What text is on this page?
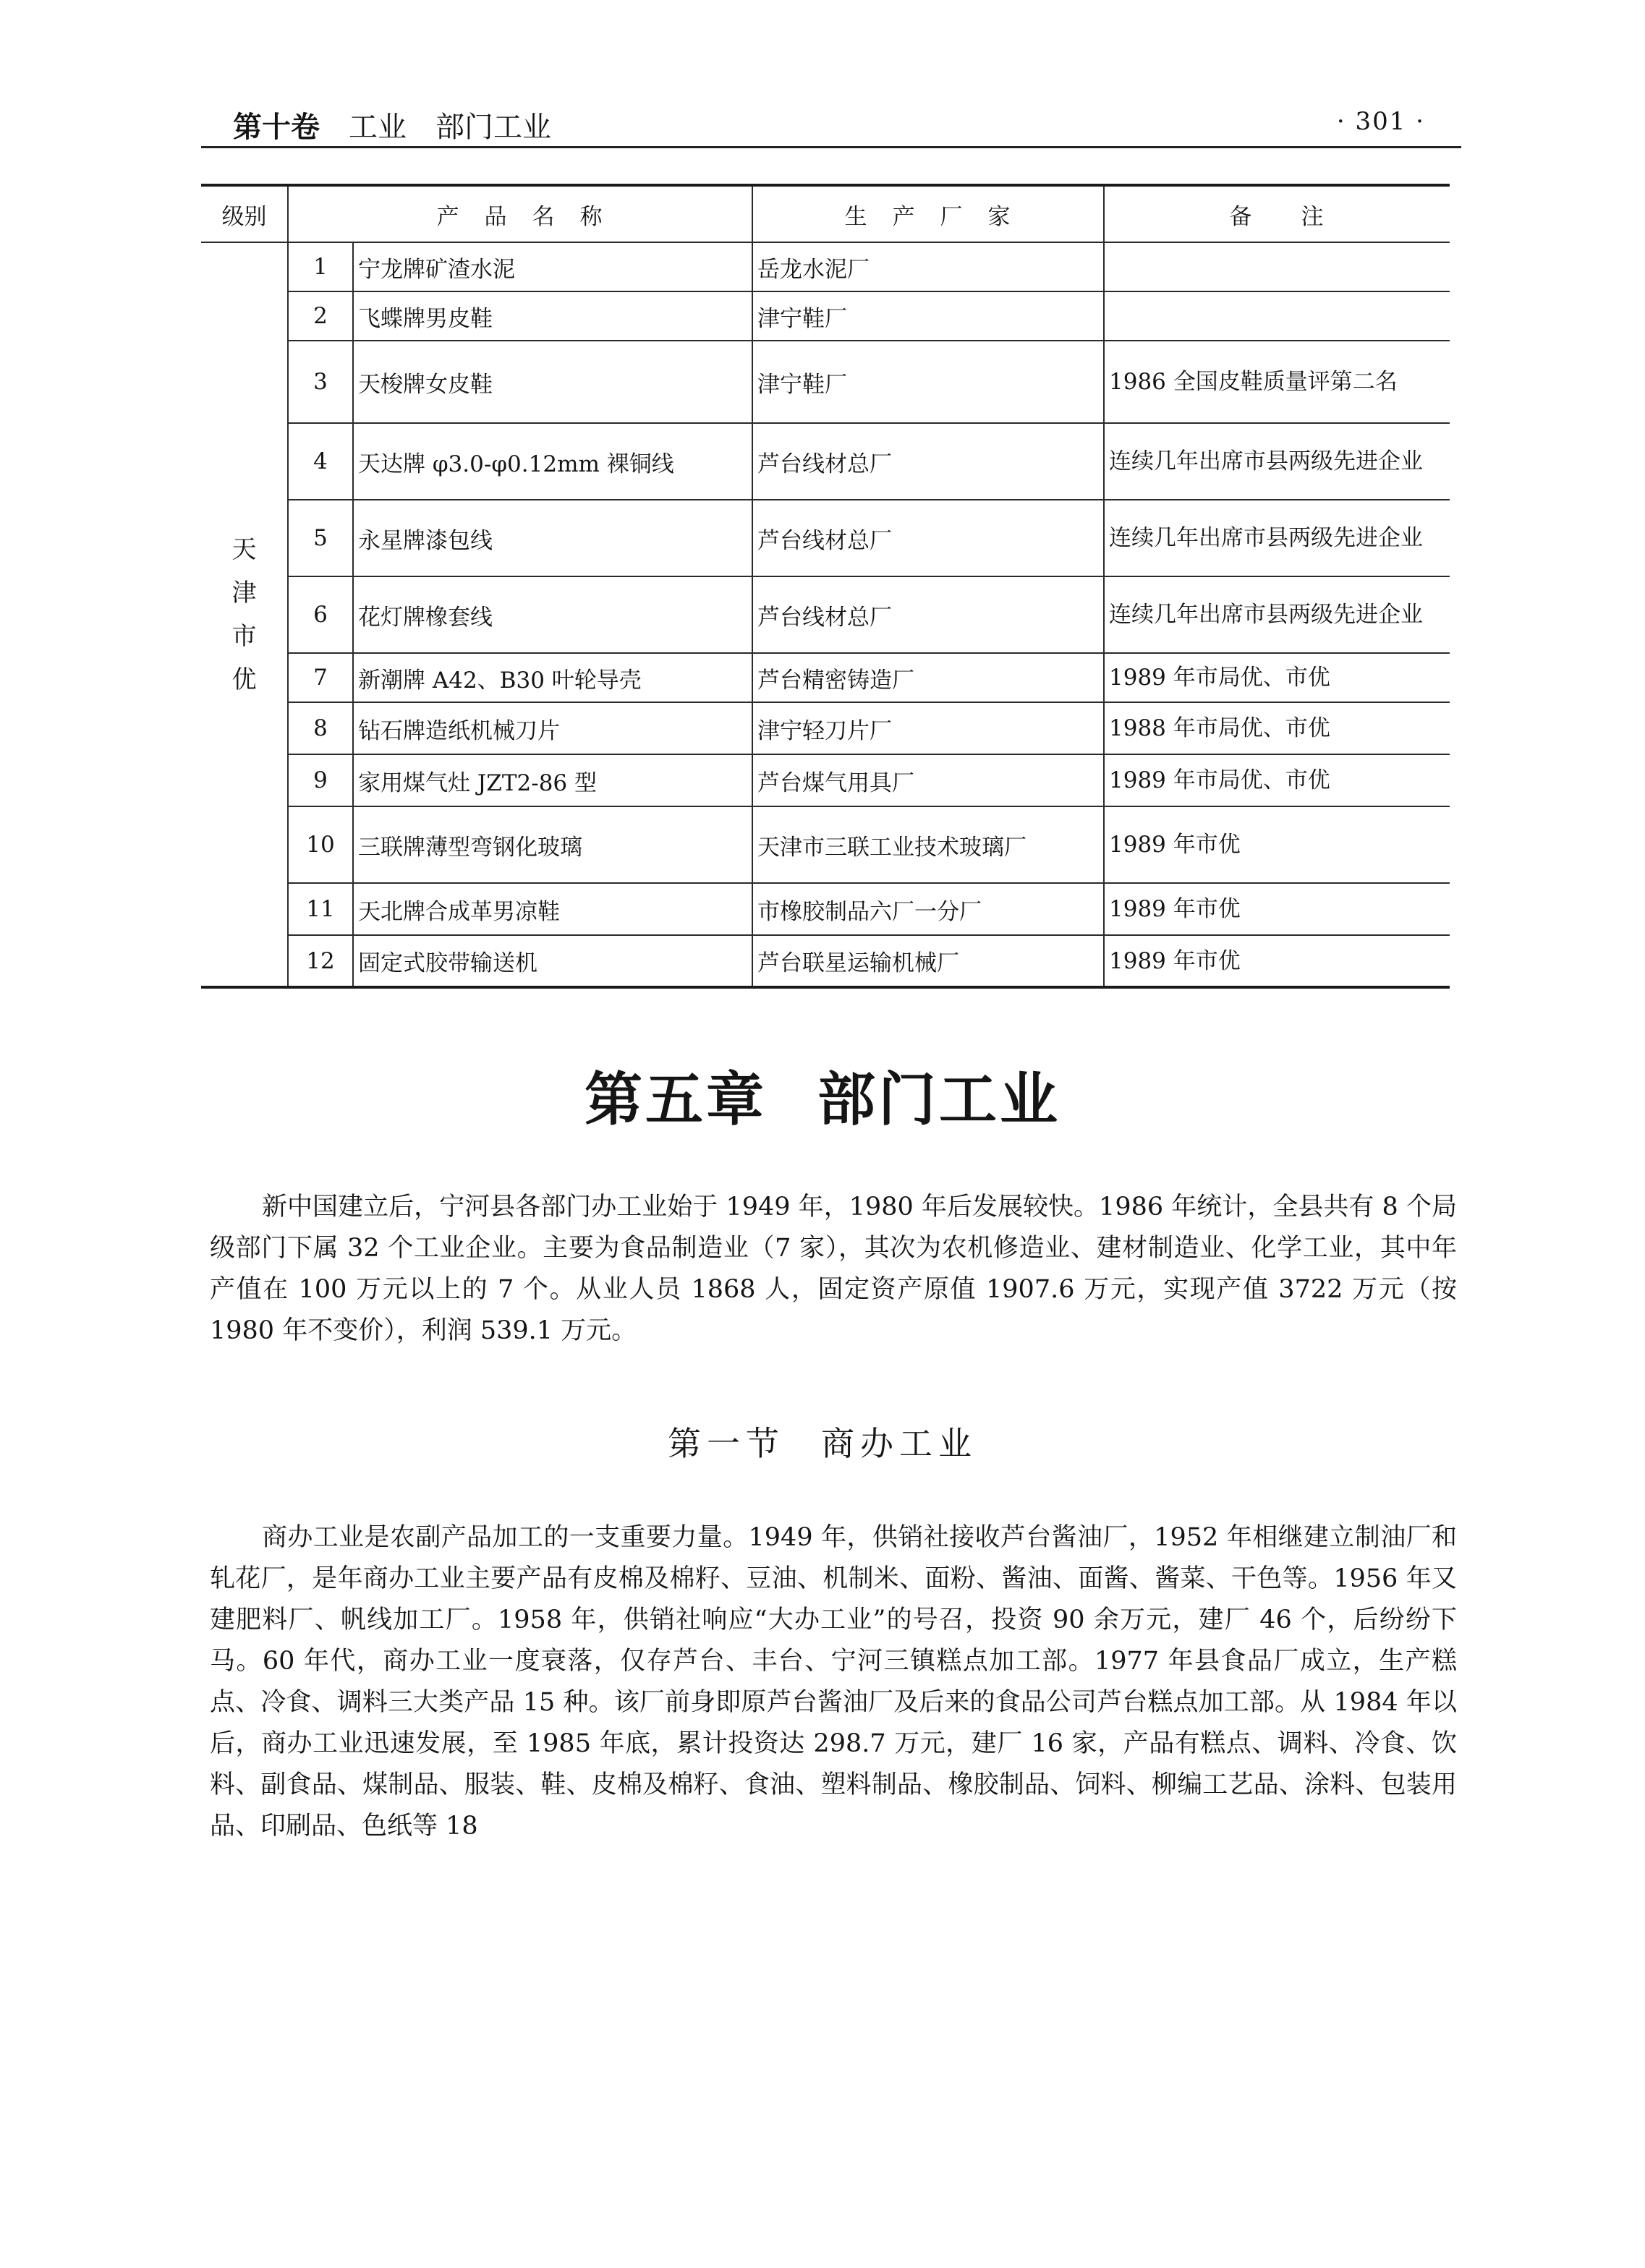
第十卷 工业 部门工业	· 301 ·
级别	产　品　名　称		生　产　厂　家	备　　注
天
津
市
优	1	宁龙牌矿渣水泥	岳龙水泥厂	
	2	飞蝶牌男皮鞋	津宁鞋厂	
	3	天梭牌女皮鞋	津宁鞋厂	1986 全国皮鞋质量评第二名
	4	天达牌 φ3.0-φ0.12mm 裸铜线	芦台线材总厂	连续几年出席市县两级先进企业
	5	永星牌漆包线	芦台线材总厂	连续几年出席市县两级先进企业
	6	花灯牌橡套线	芦台线材总厂	连续几年出席市县两级先进企业
	7	新潮牌 A42、B30 叶轮导壳	芦台精密铸造厂	1989 年市局优、市优
	8	钻石牌造纸机械刀片	津宁轻刀片厂	1988 年市局优、市优
	9	家用煤气灶 JZT2-86 型	芦台煤气用具厂	1989 年市局优、市优
	10	三联牌薄型弯钢化玻璃	天津市三联工业技术玻璃厂	1989 年市优
	11	天北牌合成革男凉鞋	市橡胶制品六厂一分厂	1989 年市优
	12	固定式胶带输送机	芦台联星运输机械厂	1989 年市优
第五章 部门工业

新中国建立后，宁河县各部门办工业始于 1949 年，1980 年后发展较快。1986 年统计，全县共有 8 个局级部门下属 32 个工业企业。主要为食品制造业（7 家），其次为农机修造业、建材制造业、化学工业，其中年产值在 100 万元以上的 7 个。从业人员 1868 人，固定资产原值 1907.6 万元，实现产值 3722 万元（按 1980 年不变价），利润 539.1 万元。

第一节 商办工业

商办工业是农副产品加工的一支重要力量。1949 年，供销社接收芦台酱油厂，1952 年相继建立制油厂和轧花厂，是年商办工业主要产品有皮棉及棉籽、豆油、机制米、面粉、酱油、面酱、酱菜、干色等。1956 年又建肥料厂、帆线加工厂。1958 年，供销社响应“大办工业”的号召，投资 90 余万元，建厂 46 个，后纷纷下马。60 年代，商办工业一度衰落，仅存芦台、丰台、宁河三镇糕点加工部。1977 年县食品厂成立，生产糕点、冷食、调料三大类产品 15 种。该厂前身即原芦台酱油厂及后来的食品公司芦台糕点加工部。从 1984 年以后，商办工业迅速发展，至 1985 年底，累计投资达 298.7 万元，建厂 16 家，产品有糕点、调料、冷食、饮料、副食品、煤制品、服装、鞋、皮棉及棉籽、食油、塑料制品、橡胶制品、饲料、柳编工艺品、涂料、包装用品、印刷品、色纸等 18
